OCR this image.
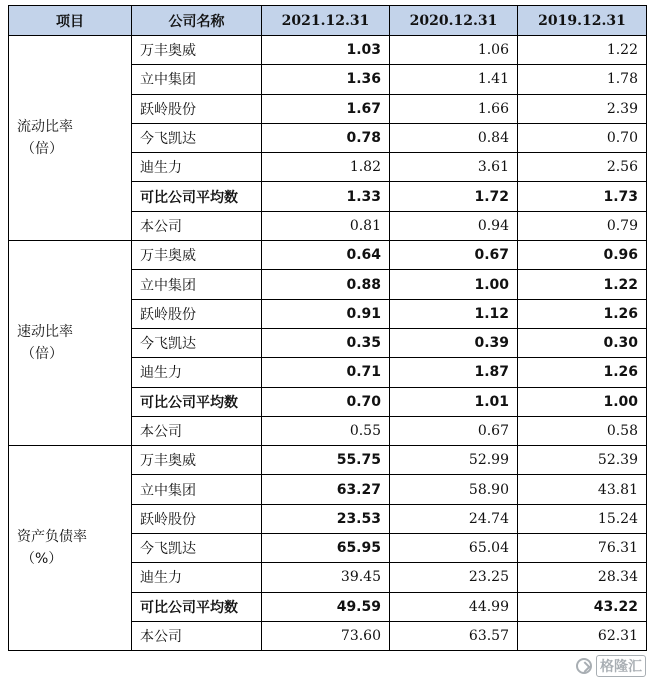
项目	公司名称	2021.12.31	2020.12.31	2019.12.31

流动比率
（倍）	万丰奥威	1.03	1.06	1.22
	立中集团	1.36	1.41	1.78
	跃岭股份	1.67	1.66	2.39
	今飞凯达	0.78	0.84	0.70
	迪生力	1.82	3.61	2.56
	可比公司平均数	1.33	1.72	1.73
	本公司	0.81	0.94	0.79

速动比率
（倍）	万丰奥威	0.64	0.67	0.96
	立中集团	0.88	1.00	1.22
	跃岭股份	0.91	1.12	1.26
	今飞凯达	0.35	0.39	0.30
	迪生力	0.71	1.87	1.26
	可比公司平均数	0.70	1.01	1.00
	本公司	0.55	0.67	0.58

资产负债率
（%）	万丰奥威	55.75	52.99	52.39
	立中集团	63.27	58.90	43.81
	跃岭股份	23.53	24.74	15.24
	今飞凯达	65.95	65.04	76.31
	迪生力	39.45	23.25	28.34
	可比公司平均数	49.59	44.99	43.22
	本公司	73.60	63.57	62.31
格隆汇
